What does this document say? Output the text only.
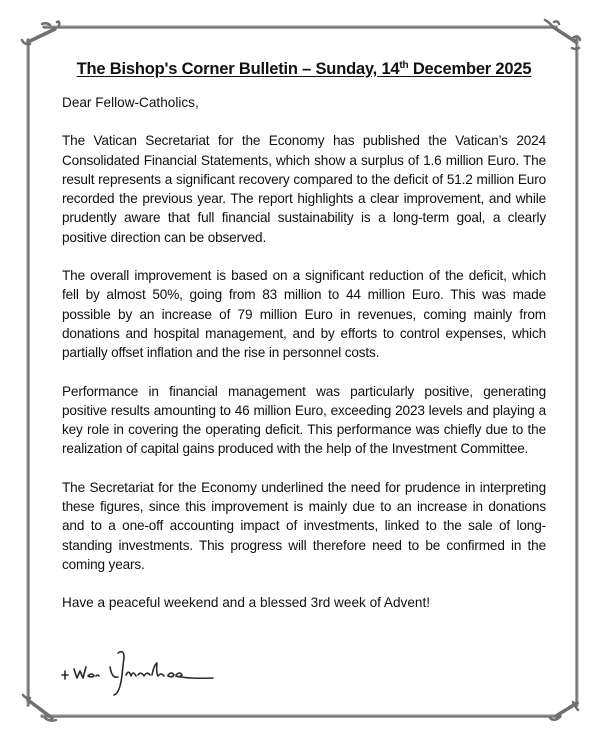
The Bishop's Corner Bulletin – Sunday, 14th December 2025

Dear Fellow-Catholics,

The Vatican Secretariat for the Economy has published the Vatican’s 2024 Consolidated Financial Statements, which show a surplus of 1.6 million Euro. The result represents a significant recovery compared to the deficit of 51.2 million Euro recorded the previous year. The report highlights a clear improvement, and while prudently aware that full financial sustainability is a long-term goal, a clearly positive direction can be observed.

The overall improvement is based on a significant reduction of the deficit, which fell by almost 50%, going from 83 million to 44 million Euro. This was made possible by an increase of 79 million Euro in revenues, coming mainly from donations and hospital management, and by efforts to control expenses, which partially offset inflation and the rise in personnel costs.

Performance in financial management was particularly positive, generating positive results amounting to 46 million Euro, exceeding 2023 levels and playing a key role in covering the operating deficit. This performance was chiefly due to the realization of capital gains produced with the help of the Investment Committee.

The Secretariat for the Economy underlined the need for prudence in interpreting these figures, since this improvement is mainly due to an increase in donations and to a one-off accounting impact of investments, linked to the sale of long-standing investments. This progress will therefore need to be confirmed in the coming years.

Have a peaceful weekend and a blessed 3rd week of Advent!
